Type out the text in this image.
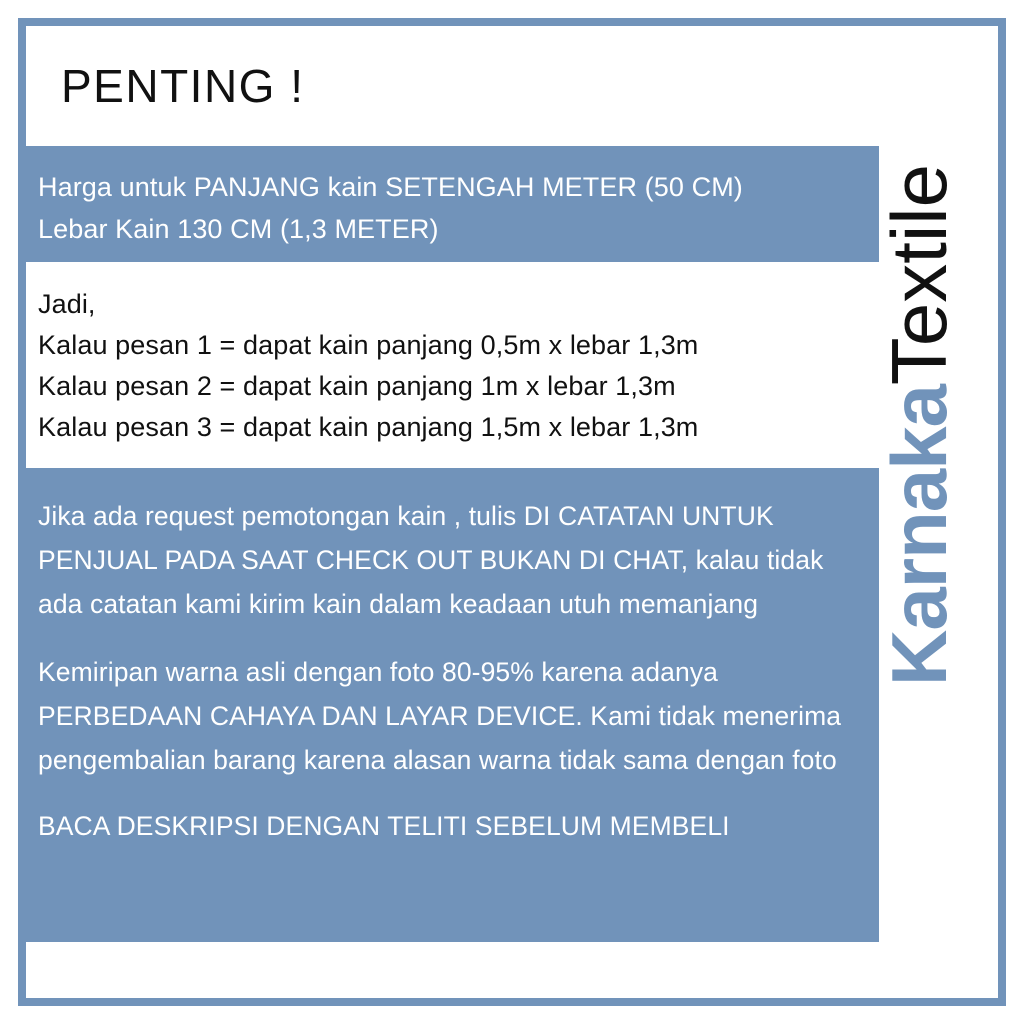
PENTING !
Harga untuk PANJANG kain SETENGAH METER (50 CM)
Lebar Kain 130 CM (1,3 METER)
Jadi,
Kalau pesan 1 = dapat kain panjang 0,5m x lebar 1,3m
Kalau pesan 2 = dapat kain panjang 1m x lebar 1,3m
Kalau pesan 3 = dapat kain panjang 1,5m x lebar 1,3m

Jika ada request pemotongan kain , tulis DI CATATAN UNTUK PENJUAL PADA SAAT CHECK OUT BUKAN DI CHAT, kalau tidak ada catatan kami kirim kain dalam keadaan utuh memanjang

Kemiripan warna asli dengan foto 80-95% karena adanya PERBEDAAN CAHAYA DAN LAYAR DEVICE. Kami tidak menerima pengembalian barang karena alasan warna tidak sama dengan foto

BACA DESKRIPSI DENGAN TELITI SEBELUM MEMBELI

KarnakaTextile
